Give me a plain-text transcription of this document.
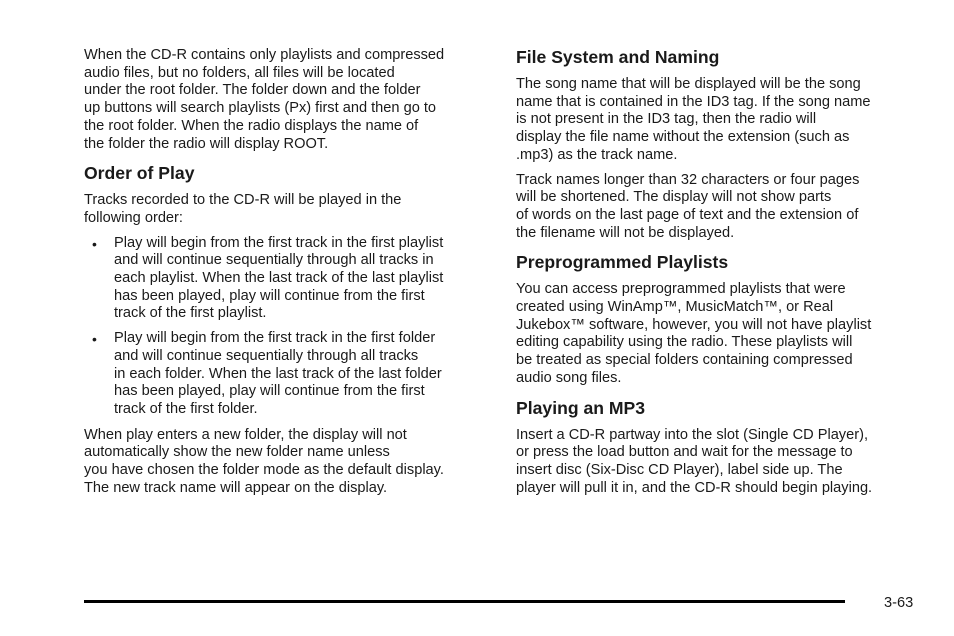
When the CD-R contains only playlists and compressed
audio files, but no folders, all files will be located
under the root folder. The folder down and the folder
up buttons will search playlists (Px) first and then go to
the root folder. When the radio displays the name of
the folder the radio will display ROOT.

Order of Play

Tracks recorded to the CD-R will be played in the
following order:

• Play will begin from the first track in the first playlist
and will continue sequentially through all tracks in
each playlist. When the last track of the last playlist
has been played, play will continue from the first
track of the first playlist.

• Play will begin from the first track in the first folder
and will continue sequentially through all tracks
in each folder. When the last track of the last folder
has been played, play will continue from the first
track of the first folder.

When play enters a new folder, the display will not
automatically show the new folder name unless
you have chosen the folder mode as the default display.
The new track name will appear on the display.

File System and Naming

The song name that will be displayed will be the song
name that is contained in the ID3 tag. If the song name
is not present in the ID3 tag, then the radio will
display the file name without the extension (such as
.mp3) as the track name.

Track names longer than 32 characters or four pages
will be shortened. The display will not show parts
of words on the last page of text and the extension of
the filename will not be displayed.

Preprogrammed Playlists

You can access preprogrammed playlists that were
created using WinAmp™, MusicMatch™, or Real
Jukebox™ software, however, you will not have playlist
editing capability using the radio. These playlists will
be treated as special folders containing compressed
audio song files.

Playing an MP3

Insert a CD-R partway into the slot (Single CD Player),
or press the load button and wait for the message to
insert disc (Six-Disc CD Player), label side up. The
player will pull it in, and the CD-R should begin playing.

3-63
